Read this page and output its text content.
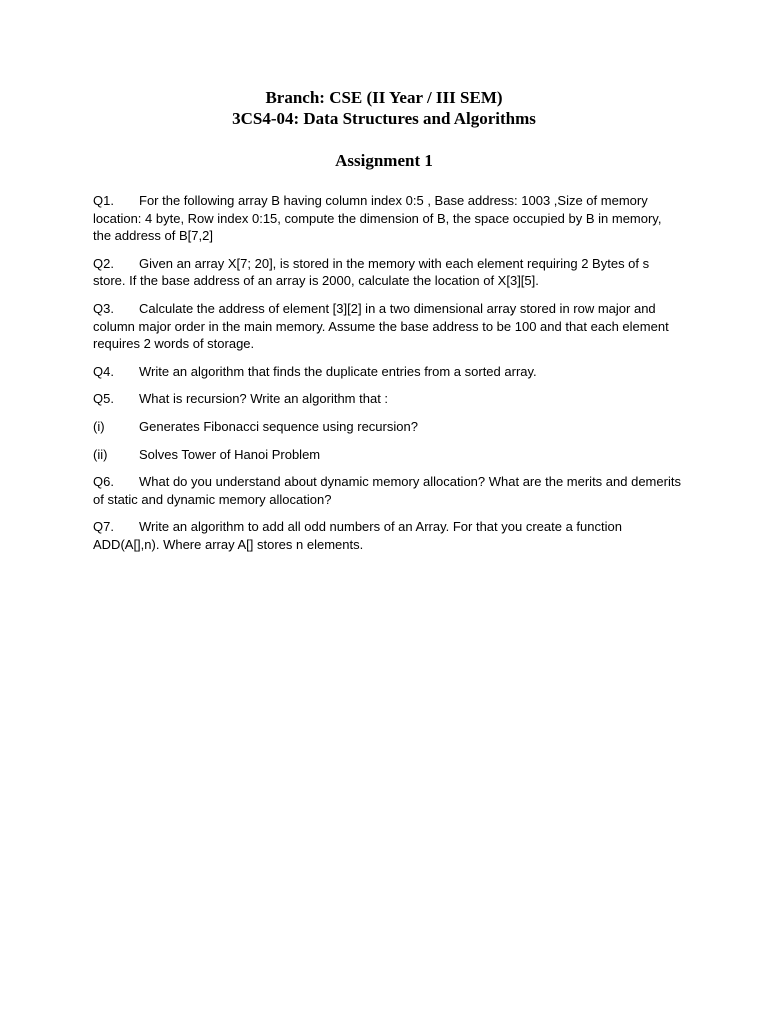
Branch: CSE (II Year / III SEM)
3CS4-04: Data Structures and Algorithms
Assignment 1

Q1. For the following array B having column index 0:5 , Base address: 1003 ,Size of memory location: 4 byte, Row index 0:15, compute the dimension of B, the space occupied by B in memory, the address of B[7,2]

Q2. Given an array X[7; 20], is stored in the memory with each element requiring 2 Bytes of s store. If the base address of an array is 2000, calculate the location of X[3][5].

Q3. Calculate the address of element [3][2] in a two dimensional array stored in row major and column major order in the main memory. Assume the base address to be 100 and that each element requires 2 words of storage.

Q4. Write an algorithm that finds the duplicate entries from a sorted array.

Q5. What is recursion? Write an algorithm that :

(i)	Generates Fibonacci sequence using recursion?

(ii) Solves Tower of Hanoi Problem

Q6. What do you understand about dynamic memory allocation? What are the merits and demerits of static and dynamic memory allocation?

Q7. Write an algorithm to add all odd numbers of an Array. For that you create a function ADD(A[],n). Where array A[] stores n elements.
